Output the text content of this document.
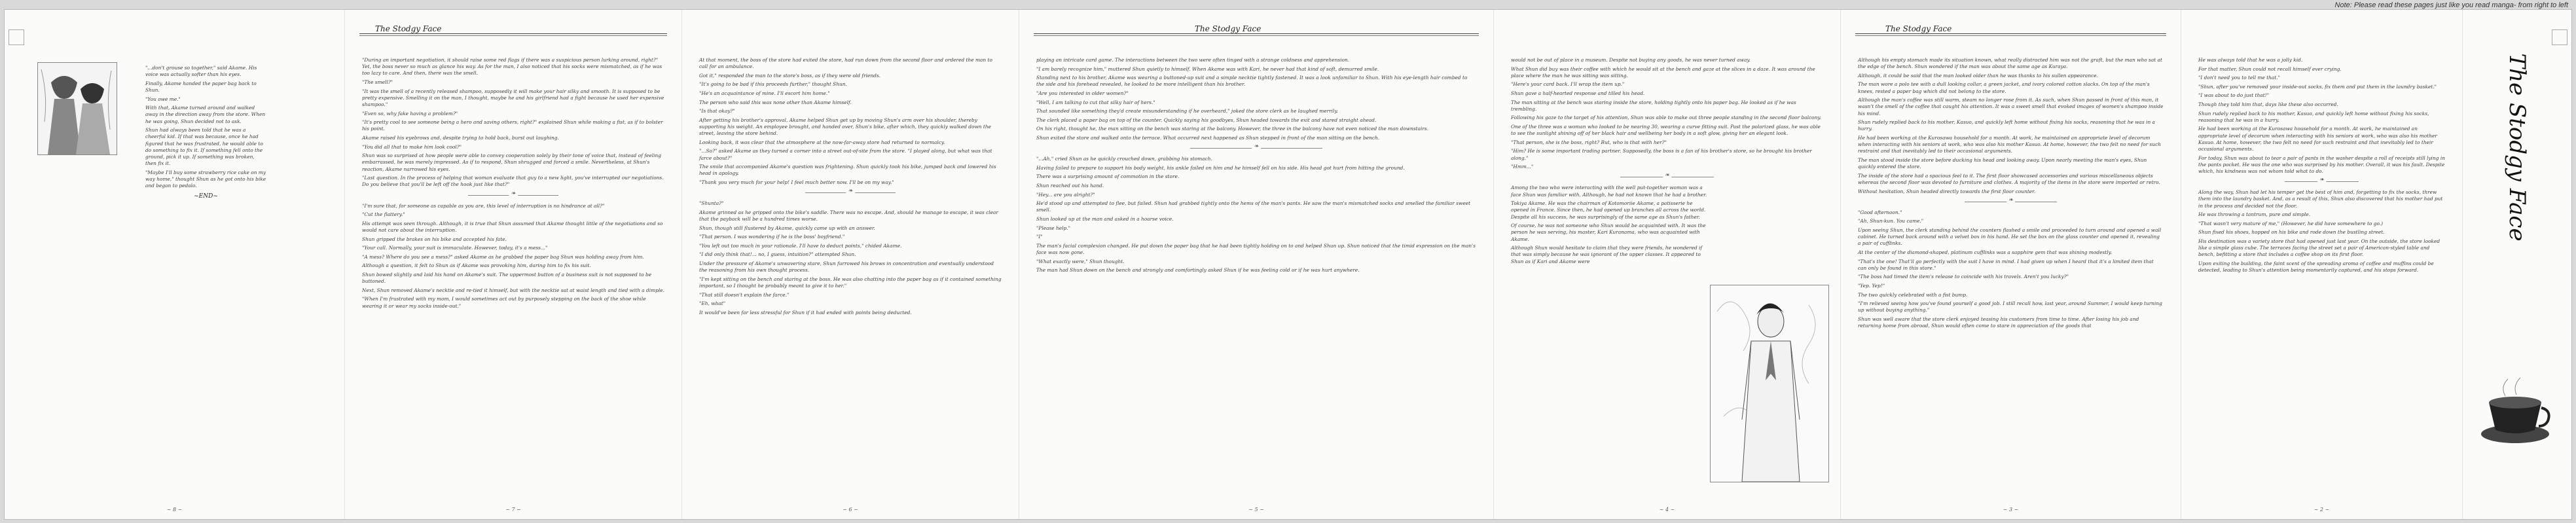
Note: Please read these pages just like you read manga- from right to left

"...don't grouse so together," said Akame. His voice was actually softer than his eyes.

Finally, Akame handed the paper bag back to Shun.

"You owe me."

With that, Akame turned around and walked away in the direction away from the store. When he was going, Shun decided not to ask.

Shun had always been told that he was a cheerful kid. If that was because, once he had figured that he was frustrated, he would able to do something to fix it. If something fell onto the ground, pick it up. If something was broken, then fix it.

"Maybe I'll buy some strawberry rice cake on my way home," thought Shun as he got onto his bike and began to pedalo.

~END~
~ 8 ~
The Stodgy Face

"During an important negotiation, it should raise some red flags if there was a suspicious person lurking around, right?" Yet, the boss never so much as glance his way. As for the man, I also noticed that his socks were mismatched, as if he was too lazy to care. And then, there was the smell.

"The smell?"

"It was the smell of a recently released shampoo, supposedly it will make your hair silky and smooth. It is supposed to be pretty expensive. Smelling it on the man, I thought, maybe he and his girlfriend had a fight because he used her expensive shampoo."

"Even so, why fake having a problem?"

"It's pretty cool to see someone being a hero and saving others, right?" explained Shun while making a fist, as if to bolster his point.

Akame raised his eyebrows and, despite trying to hold back, burst out laughing.

"You did all that to make him look cool?"

Shun was so surprised at how people were able to convey cooperation solely by their tone of voice that, instead of feeling embarrassed, he was merely impressed. As if to respond, Shun shrugged and forced a smile. Nevertheless, at Shun's reaction, Akame narrowed his eyes.

"Last question. In the process of helping that woman evaluate that guy to a new light, you've interrupted our negotiations. Do you believe that you'll be left off the hook just like that?"

❧

"I'm sure that, for someone as capable as you are, this level of interruption is no hindrance at all?"

"Cut the flattery."

His attempt was seen through. Although, it is true that Shun assumed that Akame thought little of the negotiations and so would not care about the interruption.

Shun gripped the brakes on his bike and accepted his fate.

"Your call. Normally, your suit is immaculate. However, today, it's a mess..."

"A mess? Where do you see a mess?" asked Akame as he grabbed the paper bag Shun was holding away from him.

Although a question, it felt to Shun as if Akame was provoking him, daring him to fix his suit.

Shun bowed slightly and laid his hand on Akame's suit. The uppermost button of a business suit is not supposed to be buttoned.

Next, Shun removed Akame's necktie and re-tied it himself, but with the necktie sat at waist length and tied with a dimple.

"When I'm frustrated with my mom, I would sometimes act out by purposely stepping on the back of the shoe while wearing it or wear my socks inside-out."

~ 7 ~

At that moment, the boss of the store had exited the store, had run down from the second floor and ordered the man to call for an ambulance.

Got it," responded the man to the store's boss, as if they were old friends.

"It's going to be bad if this proceeds further," thought Shun.

"He's an acquaintance of mine. I'll escort him home."

The person who said this was none other than Akame himself.

"Is that okay?"

After getting his brother's approval, Akame helped Shun get up by moving Shun's arm over his shoulder, thereby supporting his weight. An employee brought, and handed over, Shun's bike, after which, they quickly walked down the street, leaving the store behind.

Looking back, it was clear that the atmosphere at the now-far-away store had returned to normalcy.

"...So?" asked Akame as they turned a corner into a street out-of-site from the store. "I played along, but what was that farce about?"

The smile that accompanied Akame's question was frightening. Shun quickly took his bike, jumped back and lowered his head in apology.

"Thank you very much for your help! I feel much better now. I'll be on my way."

❧

"Shunta?"

Akame grinned as he gripped onto the bike's saddle. There was no escape. And, should he manage to escape, it was clear that the payback will be a hundred times worse.

Shun, though still flustered by Akame, quickly came up with an answer.

"That person. I was wondering if he is the boss' boyfriend."

"You left out too much in your rationale. I'll have to deduct points," chided Akame.

"I did only think that!... no, I guess, intuition?" attempted Shun.

Under the pressure of Akame's unwavering stare, Shun furrowed his brows in concentration and eventually understood the reasoning from his own thought process.

"I'm kept sitting on the bench and staring at the boss. He was also chatting into the paper bag as if it contained something important, so I thought he probably meant to give it to her."

"That still doesn't explain the farce."

"Eh, what"

It would've been far less stressful for Shun if it had ended with points being deducted.

~ 6 ~
The Stodgy Face

playing an intricate card game. The interactions between the two were often tinged with a strange coldness and apprehension.

"I am barely recognize him," muttered Shun quietly to himself. When Akame was with Kari, he never had that kind of soft, demurred smile.

Standing next to his brother, Akame was wearing a buttoned-up suit and a simple necktie tightly fastened. It was a look unfamiliar to Shun. With his eye-length hair combed to the side and his forehead revealed, he looked to be more intelligent than his brother.

"Are you interested in older women?"

"Well, I am talking to cut that silky hair of hers."

That sounded like something they'd create misunderstanding if he overheard," joked the store clerk as he laughed merrily.

The clerk placed a paper bag on top of the counter. Quickly saying his goodbyes, Shun headed towards the exit and stared straight ahead.

On his right, thought he, the man sitting on the bench was staring at the balcony. However, the three in the balcony have not even noticed the man downstairs.

Shun exited the store and walked onto the terrace. What occurred next happened as Shun stepped in front of the man sitting on the bench.

❧

"...Ah," cried Shun as he quickly crouched down, grabbing his stomach.

Having failed to prepare to support his body weight, his ankle failed on him and he himself fell on his side. His head got hurt from hitting the ground.

There was a surprising amount of commotion in the store.

Shun reached out his hand.

"Hey... are you alright?"

He'd stood up and attempted to flee, but failed. Shun had grabbed tightly onto the hems of the man's pants. He saw the man's mismatched socks and smelled the familiar sweet smell.

Shun looked up at the man and asked in a hoarse voice.

"Please help."

"I"

The man's facial complexion changed. He put down the paper bag that he had been tightly holding on to and helped Shun up. Shun noticed that the timid expression on the man's face was now gone.

"What exactly were," Shun thought.

The man had Shun down on the bench and strongly and comfortingly asked Shun if he was feeling cold or if he was hurt anywhere.

~ 5 ~

would not be out of place in a museum. Despite not buying any goods, he was never turned away.

What Shun did buy was their coffee with which he would sit at the bench and gaze at the slices in a daze. It was around the place where the man he was sitting was sitting.

"Here's your card back. I'll wrap the item up."

Shun gave a half-hearted response and tilled his head.

The man sitting at the bench was staring inside the store, holding tightly onto his paper bag. He looked as if he was trembling.

Following his gaze to the target of his attention, Shun was able to make out three people standing in the second floor balcony.

One of the three was a woman who looked to be nearing 30, wearing a curve fitting suit. Past the polarized glass, he was able to see the sunlight shining off of her black hair and wellbeing her body in a soft glow, giving her an elegant look.

"That person, she is the boss, right? But, who is that with her?"

"Him? He is some important trading partner. Supposedly, the boss is a fan of his brother's store, so he brought his brother along."

"Hmm..."

❧

Among the two who were interacting with the well put-together woman was a face Shun was familiar with. Although, he had not known that he had a brother.

Tokiya Akame. He was the chairman of Kotomoriie Akame, a patisserie he opened in France. Since then, he had opened up branches all across the world. Despite all his success, he was surprisingly of the same age as Shun's father.

Of course, he was not someone who Shun would be acquainted with. It was the person he was serving, his master, Kari Kuranama, who was acquainted with Akame.

Although Shun would hesitate to claim that they were friends, he wondered if that was simply because he was ignorant of the upper classes. It appeared to Shun as if Kari and Akame were

~ 4 ~
The Stodgy Face

Although his empty stomach made its situation known, what really distracted him was not the graft, but the man who sat at the edge of the bench. Shun wondered if the man was about the same age as Kuraya.

Although, it could be said that the man looked older than he was thanks to his sullen appearance.

The man wore a polo tee with a dull looking collar, a green jacket, and ivory colored cotton slacks. On top of the man's knees, rested a paper bag which did not belong to the store.

Although the man's coffee was still warm, steam no longer rose from it. As such, when Shun passed in front of this man, it wasn't the smell of the coffee that caught his attention. It was a sweet smell that evoked images of women's shampoo inside his mind.

Shun rudely replied back to his mother, Kasuo, and quickly left home without fixing his socks, reasoning that he was in a hurry.

He had been working at the Kurosawa household for a month. At work, he maintained an appropriate level of decorum when interacting with his seniors at work, who was also his mother Kasuo. At home, however, the two felt no need for such restraint and that inevitably led to their occasional arguments.

The man stood inside the store before ducking his head and looking away. Upon nearly meeting the man's eyes, Shun quickly entered the store.

The inside of the store had a spacious feel to it. The first floor showcased accessories and various miscellaneous objects whereas the second floor was devoted to furniture and clothes. A majority of the items in the store were imported or retro.

Without hesitation, Shun headed directly towards the first floor counter.

❧

"Good afternoon."

"Ah, Shun-kun. You came."

Upon seeing Shun, the clerk standing behind the counters flashed a smile and proceeded to turn around and opened a wall cabinet. He turned back around with a velvet box in his hand. He set the box on the glass counter and opened it, revealing a pair of cufflinks.

At the center of the diamond-shaped, platinum cufflinks was a sapphire gem that was shining modestly.

"That's the one! That'll go perfectly with the suit I have in mind. I had given up when I heard that it's a limited item that can only be found in this store."

"The boss had timed the item's release to coincide with his travels. Aren't you lucky?"

"Yep. Yep!"

The two quickly celebrated with a fist bump.

"I'm relieved seeing how you've found yourself a good job. I still recall how, last year, around Summer, I would keep turning up without buying anything."

Shun was well aware that the store clerk enjoyed teasing his customers from time to time. After losing his job and returning home from abroad, Shun would often come to stare in appreciation of the goods that

~ 3 ~

He was always told that he was a jolly kid.

For that matter, Shun could not recall himself ever crying.

"I don't need you to tell me that."

"Shun, after you've removed your inside-out socks, fix them and put them in the laundry basket."

"I was about to do just that!"

Though they told him that, days like these also occurred.

Shun rudely replied back to his mother, Kasuo, and quickly left home without fixing his socks, reasoning that he was in a hurry.

He had been working at the Kurosawa household for a month. At work, he maintained an appropriate level of decorum when interacting with his seniors at work, who was also his mother Kasuo. At home, however, the two felt no need for such restraint and that inevitably led to their occasional arguments.

For today, Shun was about to tear a pair of pants in the washer despite a roll of receipts still lying in the pants pocket. He was the one who was surprised by his mother. Overall, it was his fault. Despite which, his kindness was not whom told what to do.

❧

Along the way, Shun had let his temper get the best of him and, forgetting to fix the socks, threw them into the laundry basket. And, as a result of this, Shun also discovered that his mother had put in the process and decided not the floor.

He was throwing a tantrum, pure and simple.

"That wasn't very mature of me," (However, he did have somewhere to go.)

Shun fixed his shoes, hopped on his bike and rode down the bustling street.

His destination was a variety store that had opened just last year. On the outside, the store looked like a simple glass cube. The terraces facing the street set a pair of American-styled table and bench, befitting a store that includes a coffee shop on its first floor.

Upon exiting the building, the faint scent of the spreading aroma of coffee and muffins could be detected, leading to Shun's attention being momentarily captured, and his stops forward.

~ 2 ~
The Stodgy Face
